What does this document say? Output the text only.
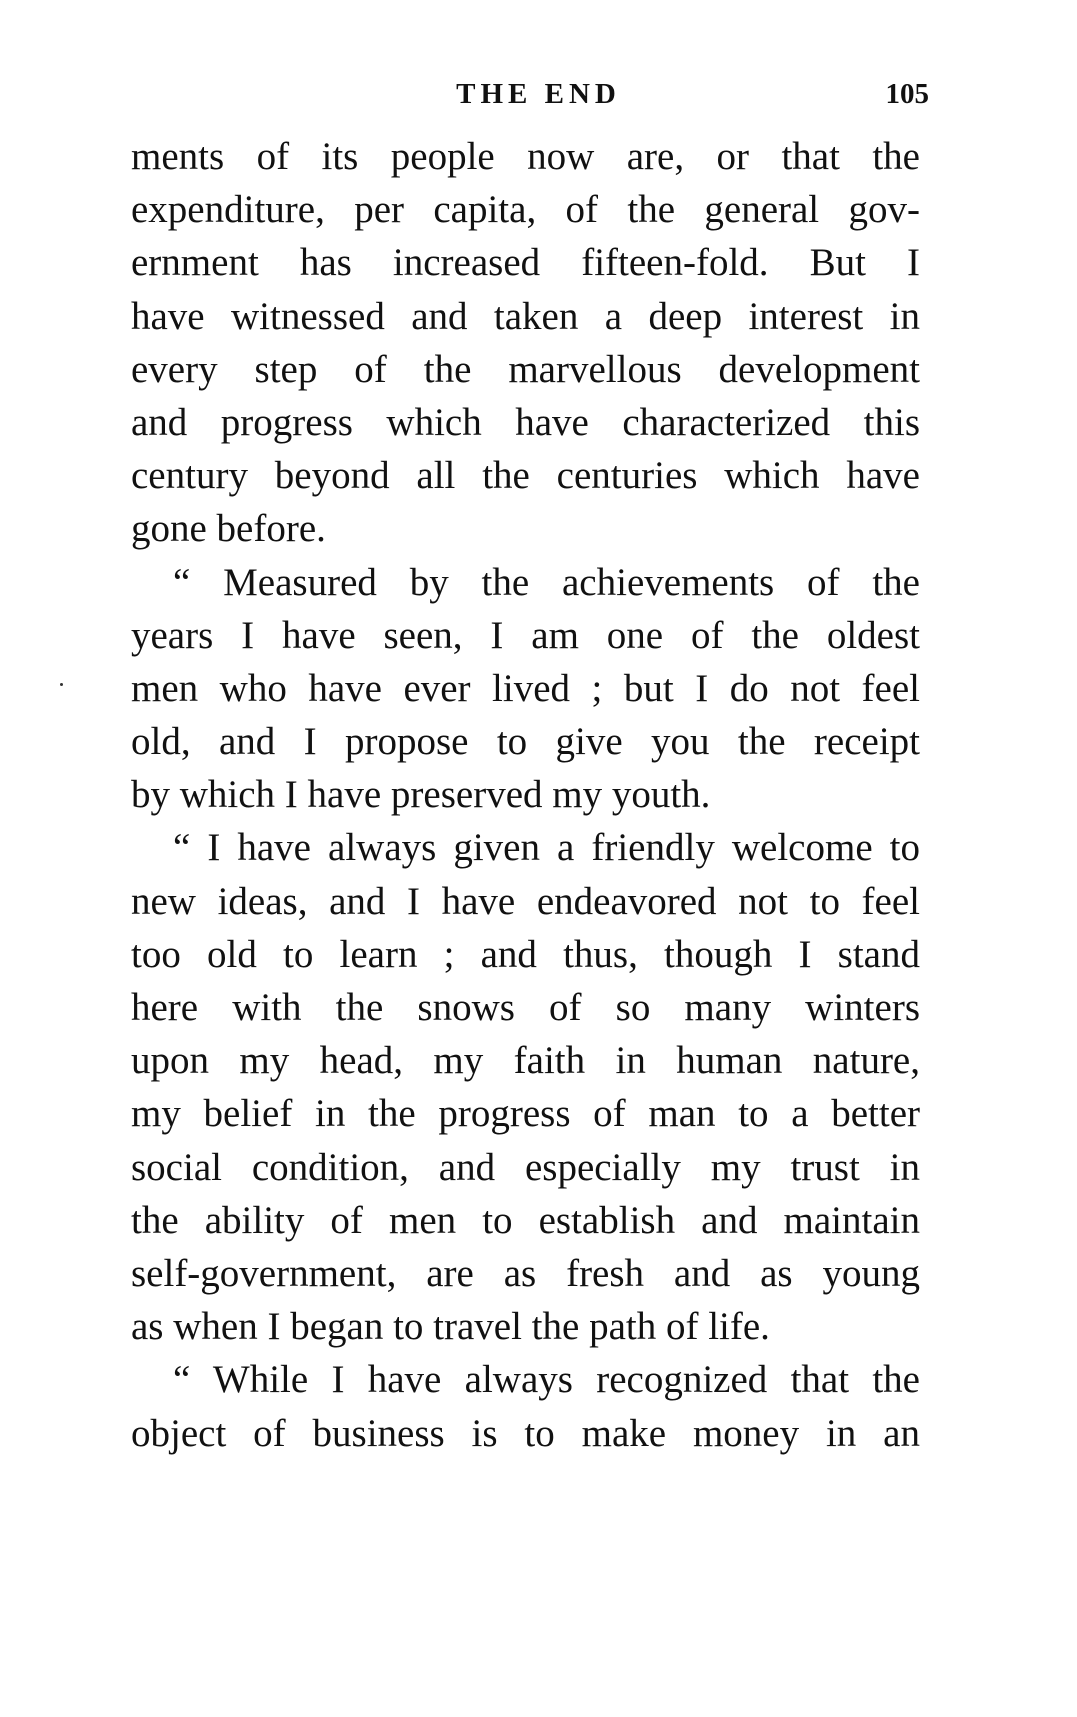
THE END	105
ments of its people now are, or that the
expenditure, per capita, of the general gov-
ernment has increased fifteen-fold. But I
have witnessed and taken a deep interest in
every step of the marvellous development
and progress which have characterized this
century beyond all the centuries which have
gone before.
“ Measured by the achievements of the
years I have seen, I am one of the oldest
men who have ever lived ; but I do not feel
old, and I propose to give you the receipt
by which I have preserved my youth.
“ I have always given a friendly welcome to
new ideas, and I have endeavored not to feel
too old to learn ; and thus, though I stand
here with the snows of so many winters
upon my head, my faith in human nature,
my belief in the progress of man to a better
social condition, and especially my trust in
the ability of men to establish and maintain
self-government, are as fresh and as young
as when I began to travel the path of life.
“ While I have always recognized that the
object of business is to make money in an
